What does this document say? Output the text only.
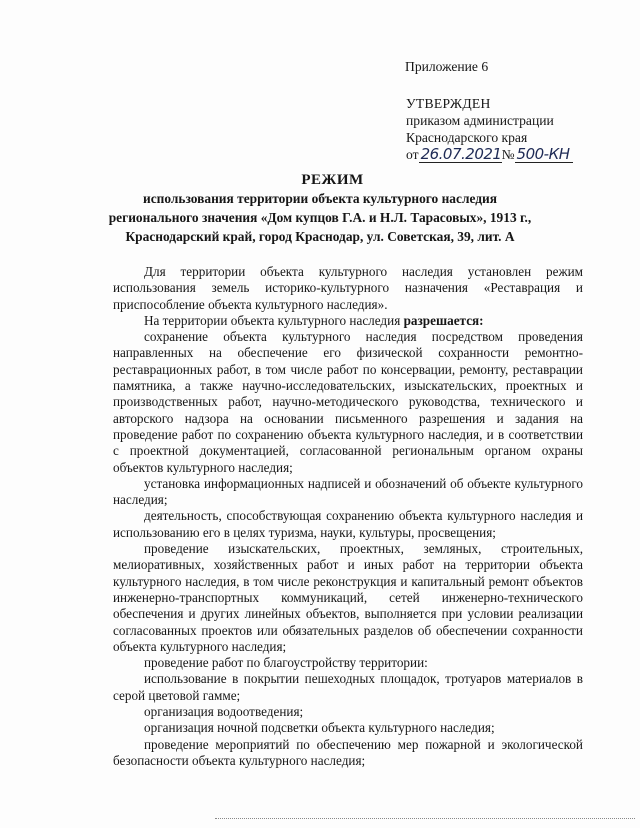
Приложение 6
УТВЕРЖДЕН
приказом администрации
Краснодарского края
от 26.07.2021 № 500-КН
РЕЖИМ
использования территории объекта культурного наследия
регионального значения «Дом купцов Г.А. и Н.Л. Тарасовых», 1913 г.,
Краснодарский край, город Краснодар, ул. Советская, 39, лит. А

Для территории объекта культурного наследия установлен режим использования земель историко-культурного назначения «Реставрация и приспособление объекта культурного наследия».

На территории объекта культурного наследия разрешается:

сохранение объекта культурного наследия посредством проведения направленных на обеспечение его физической сохранности ремонтно-реставрационных работ, в том числе работ по консервации, ремонту, реставрации памятника, а также научно-исследовательских, изыскательских, проектных и производственных работ, научно-методического руководства, технического и авторского надзора на основании письменного разрешения и задания на проведение работ по сохранению объекта культурного наследия, и в соответствии с проектной документацией, согласованной региональным органом охраны объектов культурного наследия;

установка информационных надписей и обозначений об объекте культурного наследия;

деятельность, способствующая сохранению объекта культурного наследия и использованию его в целях туризма, науки, культуры, просвещения;

проведение изыскательских, проектных, земляных, строительных, мелиоративных, хозяйственных работ и иных работ на территории объекта культурного наследия, в том числе реконструкция и капитальный ремонт объектов инженерно-транспортных коммуникаций, сетей инженерно-технического обеспечения и других линейных объектов, выполняется при условии реализации согласованных проектов или обязательных разделов об обеспечении сохранности объекта культурного наследия;

проведение работ по благоустройству территории:

использование в покрытии пешеходных площадок, тротуаров материалов в серой цветовой гамме;

организация водоотведения;

организация ночной подсветки объекта культурного наследия;

проведение мероприятий по обеспечению мер пожарной и экологической безопасности объекта культурного наследия;
